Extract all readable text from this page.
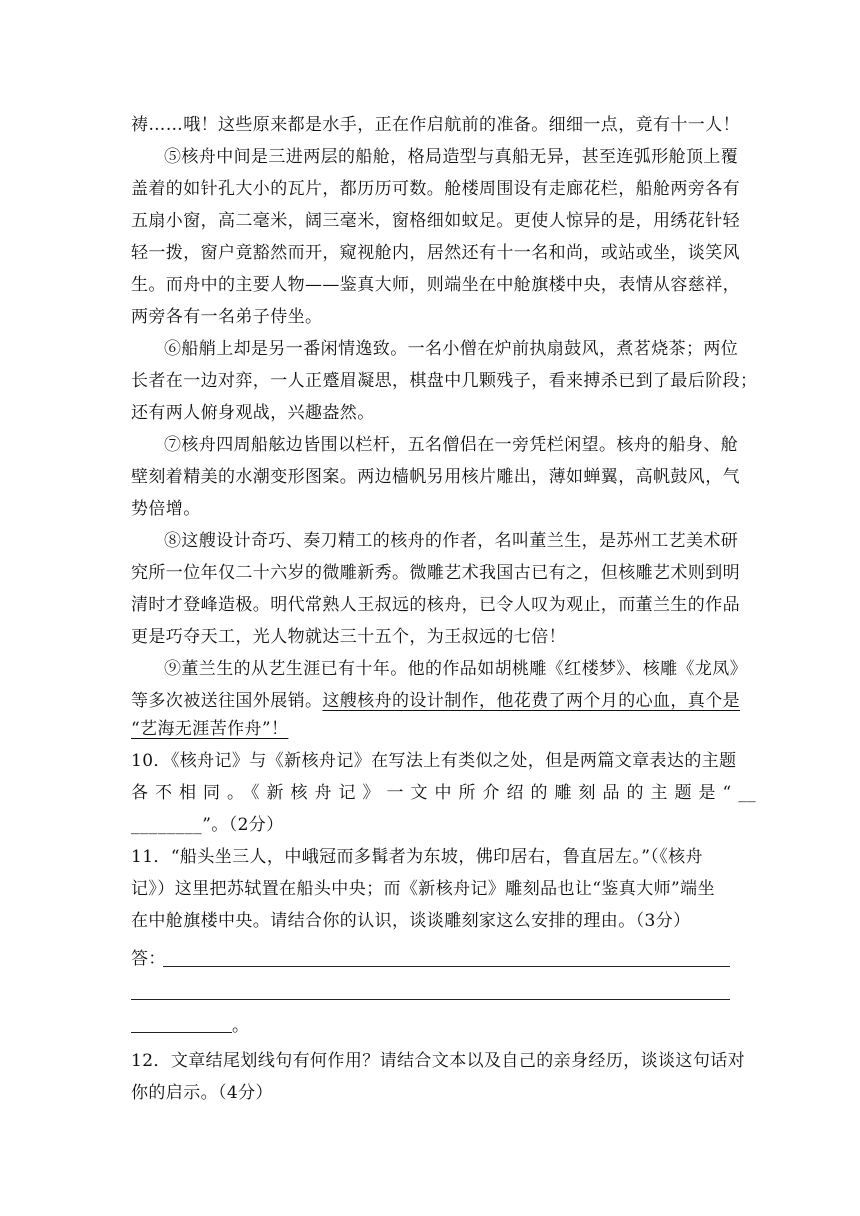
祷……哦！这些原来都是水手，正在作启航前的准备。细细一点，竟有十一人！
⑤核舟中间是三进两层的船舱，格局造型与真船无异，甚至连弧形舱顶上覆
盖着的如针孔大小的瓦片，都历历可数。舱楼周围设有走廊花栏，船舱两旁各有
五扇小窗，高二毫米，阔三毫米，窗格细如蚊足。更使人惊异的是，用绣花针轻
轻一拨，窗户竟豁然而开，窥视舱内，居然还有十一名和尚，或站或坐，谈笑风
生。而舟中的主要人物——鉴真大师，则端坐在中舱旗楼中央，表情从容慈祥，
两旁各有一名弟子侍坐。
⑥船艄上却是另一番闲情逸致。一名小僧在炉前执扇鼓风，煮茗烧茶；两位
长者在一边对弈，一人正蹙眉凝思，棋盘中几颗残子，看来搏杀已到了最后阶段；
还有两人俯身观战，兴趣盎然。
⑦核舟四周船舷边皆围以栏杆，五名僧侣在一旁凭栏闲望。核舟的船身、舱
壁刻着精美的水潮变形图案。两边樯帆另用核片雕出，薄如蝉翼，高帆鼓风，气
势倍增。
⑧这艘设计奇巧、奏刀精工的核舟的作者，名叫董兰生，是苏州工艺美术研
究所一位年仅二十六岁的微雕新秀。微雕艺术我国古已有之，但核雕艺术则到明
清时才登峰造极。明代常熟人王叔远的核舟，已令人叹为观止，而董兰生的作品
更是巧夺天工，光人物就达三十五个，为王叔远的七倍！
⑨董兰生的从艺生涯已有十年。他的作品如胡桃雕《红楼梦》、核雕《龙凤》
等多次被送往国外展销。这艘核舟的设计制作，他花费了两个月的心血，真个是
“艺海无涯苦作舟”！
10．《核舟记》与《新核舟记》在写法上有类似之处，但是两篇文章表达的主题
各不相同。《新核舟记》一文中所介绍的雕刻品的主题是“__
________”。（2分）
11．“船头坐三人，中峨冠而多髯者为东坡，佛印居右，鲁直居左。”（《核舟
记》）这里把苏轼置在船头中央；而《新核舟记》雕刻品也让“鉴真大师”端坐
在中舱旗楼中央。请结合你的认识，谈谈雕刻家这么安排的理由。（3分）
答：
。
12．文章结尾划线句有何作用？请结合文本以及自己的亲身经历，谈谈这句话对
你的启示。（4分）
